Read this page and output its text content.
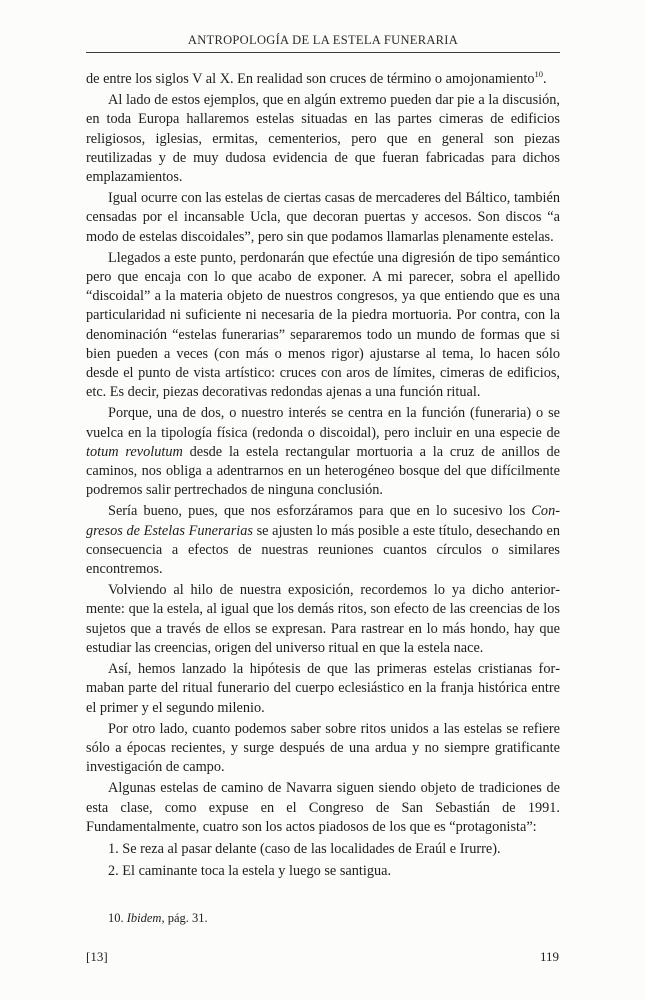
ANTROPOLOGÍA DE LA ESTELA FUNERARIA

de entre los siglos V al X. En realidad son cruces de término o amojonamiento$^{10}$.

Al lado de estos ejemplos, que en algún extremo pueden dar pie a la discusión, en toda Europa hallaremos estelas situadas en las partes cimeras de edificios religiosos, iglesias, ermitas, cementerios, pero que en general son piezas reutilizadas y de muy dudosa evidencia de que fueran fabricadas para dichos emplazamientos.

Igual ocurre con las estelas de ciertas casas de mercaderes del Báltico, también censadas por el incansable Ucla, que decoran puertas y accesos. Son discos “a modo de estelas discoidales”, pero sin que podamos llamarlas plenamente estelas.

Llegados a este punto, perdonarán que efectúe una digresión de tipo semántico pero que encaja con lo que acabo de exponer. A mi parecer, sobra el apellido “discoidal” a la materia objeto de nuestros congresos, ya que entiendo que es una particularidad ni suficiente ni necesaria de la piedra mortuoria. Por contra, con la denominación “estelas funerarias” separaremos todo un mundo de formas que si bien pueden a veces (con más o menos rigor) ajustarse al tema, lo hacen sólo desde el punto de vista artístico: cruces con aros de límites, cimeras de edificios, etc. Es decir, piezas decorativas redondas ajenas a una función ritual.

Porque, una de dos, o nuestro interés se centra en la función (funeraria) o se vuelca en la tipología física (redonda o discoidal), pero incluir en una especie de totum revolutum desde la estela rectangular mortuoria a la cruz de anillos de caminos, nos obliga a adentrarnos en un heterogéneo bosque del que difícilmente podremos salir pertrechados de ninguna conclusión.

Sería bueno, pues, que nos esforzáramos para que en lo sucesivo los Congresos de Estelas Funerarias se ajusten lo más posible a este título, desechando en consecuencia a efectos de nuestras reuniones cuantos círculos o similares encontremos.

Volviendo al hilo de nuestra exposición, recordemos lo ya dicho anteriormente: que la estela, al igual que los demás ritos, son efecto de las creencias de los sujetos que a través de ellos se expresan. Para rastrear en lo más hondo, hay que estudiar las creencias, origen del universo ritual en que la estela nace.

Así, hemos lanzado la hipótesis de que las primeras estelas cristianas formaban parte del ritual funerario del cuerpo eclesiástico en la franja histórica entre el primer y el segundo milenio.

Por otro lado, cuanto podemos saber sobre ritos unidos a las estelas se refiere sólo a épocas recientes, y surge después de una ardua y no siempre gratificante investigación de campo.

Algunas estelas de camino de Navarra siguen siendo objeto de tradiciones de esta clase, como expuse en el Congreso de San Sebastián de 1991. Fundamentalmente, cuatro son los actos piadosos de los que es “protagonista”:

1. Se reza al pasar delante (caso de las localidades de Eraúl e Irurre).

2. El caminante toca la estela y luego se santigua.

10. Ibidem, pág. 31.
[13]	119
